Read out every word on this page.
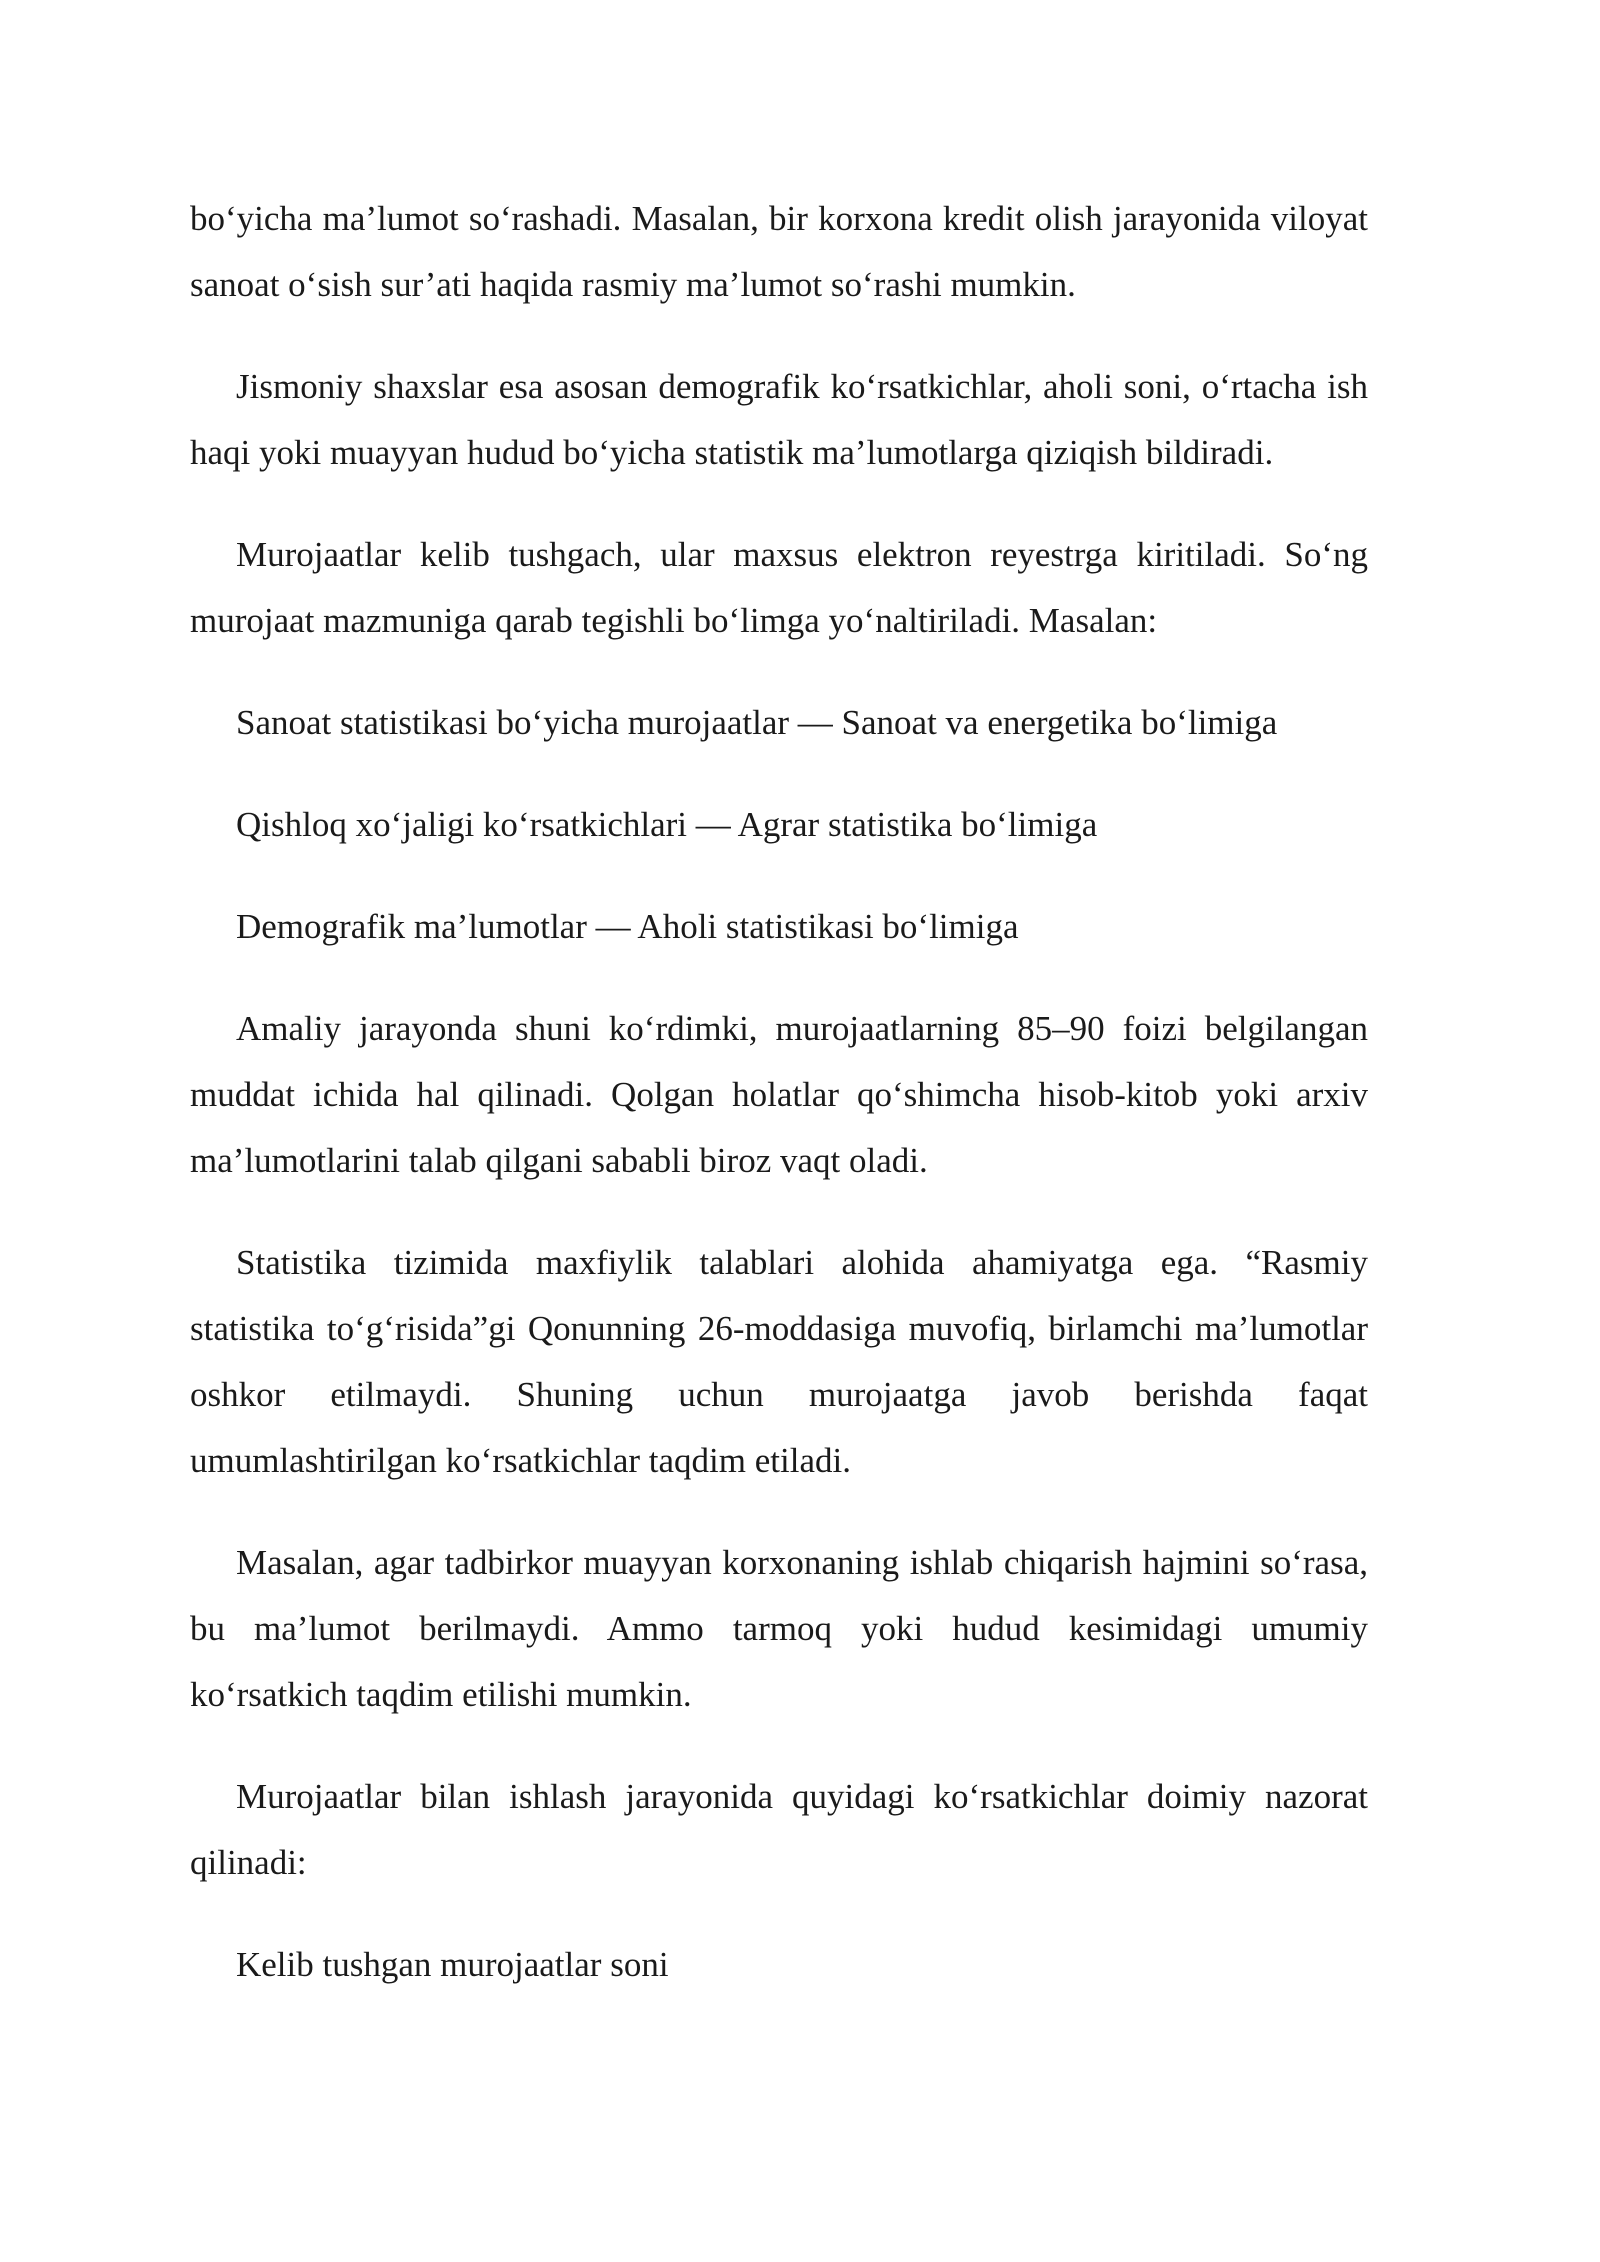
bo‘yicha ma’lumot so‘rashadi. Masalan, bir korxona kredit olish jarayonida viloyat sanoat o‘sish sur’ati haqida rasmiy ma’lumot so‘rashi mumkin.

Jismoniy shaxslar esa asosan demografik ko‘rsatkichlar, aholi soni, o‘rtacha ish haqi yoki muayyan hudud bo‘yicha statistik ma’lumotlarga qiziqish bildiradi.

Murojaatlar kelib tushgach, ular maxsus elektron reyestrga kiritiladi. So‘ng murojaat mazmuniga qarab tegishli bo‘limga yo‘naltiriladi. Masalan:

Sanoat statistikasi bo‘yicha murojaatlar — Sanoat va energetika bo‘limiga

Qishloq xo‘jaligi ko‘rsatkichlari — Agrar statistika bo‘limiga

Demografik ma’lumotlar — Aholi statistikasi bo‘limiga

Amaliy jarayonda shuni ko‘rdimki, murojaatlarning 85–90 foizi belgilangan muddat ichida hal qilinadi. Qolgan holatlar qo‘shimcha hisob-kitob yoki arxiv ma’lumotlarini talab qilgani sababli biroz vaqt oladi.

Statistika tizimida maxfiylik talablari alohida ahamiyatga ega. “Rasmiy statistika to‘g‘risida”gi Qonunning 26-moddasiga muvofiq, birlamchi ma’lumotlar oshkor etilmaydi. Shuning uchun murojaatga javob berishda faqat umumlashtirilgan ko‘rsatkichlar taqdim etiladi.

Masalan, agar tadbirkor muayyan korxonaning ishlab chiqarish hajmini so‘rasa, bu ma’lumot berilmaydi. Ammo tarmoq yoki hudud kesimidagi umumiy ko‘rsatkich taqdim etilishi mumkin.

Murojaatlar bilan ishlash jarayonida quyidagi ko‘rsatkichlar doimiy nazorat qilinadi:

Kelib tushgan murojaatlar soni
